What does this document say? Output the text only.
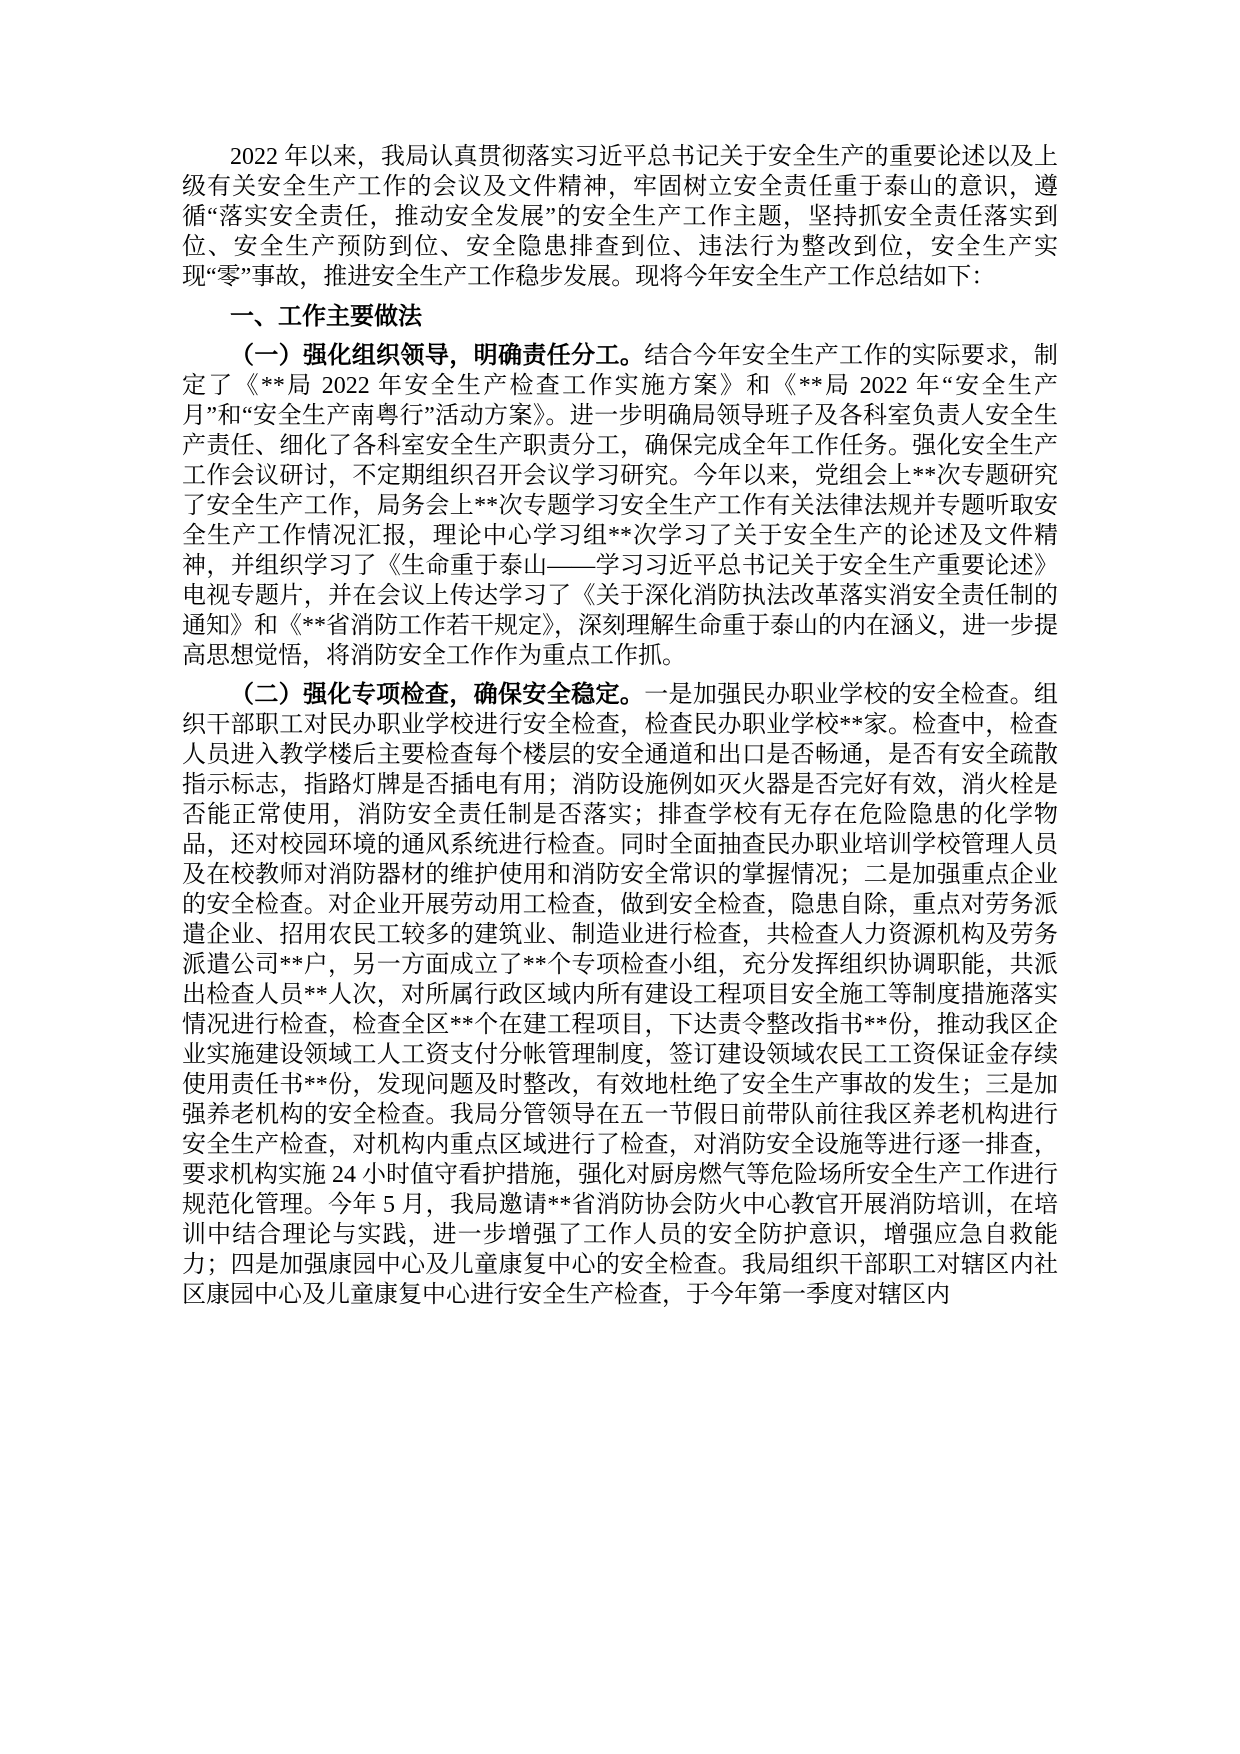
2022 年以来，我局认真贯彻落实习近平总书记关于安全生产的重要论述以及上级有关安全生产工作的会议及文件精神，牢固树立安全责任重于泰山的意识，遵循“落实安全责任，推动安全发展”的安全生产工作主题，坚持抓安全责任落实到位、安全生产预防到位、安全隐患排查到位、违法行为整改到位，安全生产实现“零”事故，推进安全生产工作稳步发展。现将今年安全生产工作总结如下：

一、工作主要做法

（一）强化组织领导，明确责任分工。结合今年安全生产工作的实际要求，制定了《**局 2022 年安全生产检查工作实施方案》和《**局 2022 年“安全生产月”和“安全生产南粤行”活动方案》。进一步明确局领导班子及各科室负责人安全生产责任、细化了各科室安全生产职责分工，确保完成全年工作任务。强化安全生产工作会议研讨，不定期组织召开会议学习研究。今年以来，党组会上**次专题研究了安全生产工作，局务会上**次专题学习安全生产工作有关法律法规并专题听取安全生产工作情况汇报，理论中心学习组**次学习了关于安全生产的论述及文件精神，并组织学习了《生命重于泰山——学习习近平总书记关于安全生产重要论述》电视专题片，并在会议上传达学习了《关于深化消防执法改革落实消安全责任制的通知》和《**省消防工作若干规定》，深刻理解生命重于泰山的内在涵义，进一步提高思想觉悟，将消防安全工作作为重点工作抓。

（二）强化专项检查，确保安全稳定。一是加强民办职业学校的安全检查。组织干部职工对民办职业学校进行安全检查，检查民办职业学校**家。检查中，检查人员进入教学楼后主要检查每个楼层的安全通道和出口是否畅通，是否有安全疏散指示标志，指路灯牌是否插电有用；消防设施例如灭火器是否完好有效，消火栓是否能正常使用，消防安全责任制是否落实；排查学校有无存在危险隐患的化学物品，还对校园环境的通风系统进行检查。同时全面抽查民办职业培训学校管理人员及在校教师对消防器材的维护使用和消防安全常识的掌握情况；二是加强重点企业的安全检查。对企业开展劳动用工检查，做到安全检查，隐患自除，重点对劳务派遣企业、招用农民工较多的建筑业、制造业进行检查，共检查人力资源机构及劳务派遣公司**户，另一方面成立了**个专项检查小组，充分发挥组织协调职能，共派出检查人员**人次，对所属行政区域内所有建设工程项目安全施工等制度措施落实情况进行检查，检查全区**个在建工程项目，下达责令整改指书**份，推动我区企业实施建设领域工人工资支付分帐管理制度，签订建设领域农民工工资保证金存续使用责任书**份，发现问题及时整改，有效地杜绝了安全生产事故的发生；三是加强养老机构的安全检查。我局分管领导在五一节假日前带队前往我区养老机构进行安全生产检查，对机构内重点区域进行了检查，对消防安全设施等进行逐一排查，要求机构实施 24 小时值守看护措施，强化对厨房燃气等危险场所安全生产工作进行规范化管理。今年 5 月，我局邀请**省消防协会防火中心教官开展消防培训，在培训中结合理论与实践，进一步增强了工作人员的安全防护意识，增强应急自救能力；四是加强康园中心及儿童康复中心的安全检查。我局组织干部职工对辖区内社区康园中心及儿童康复中心进行安全生产检查，于今年第一季度对辖区内
